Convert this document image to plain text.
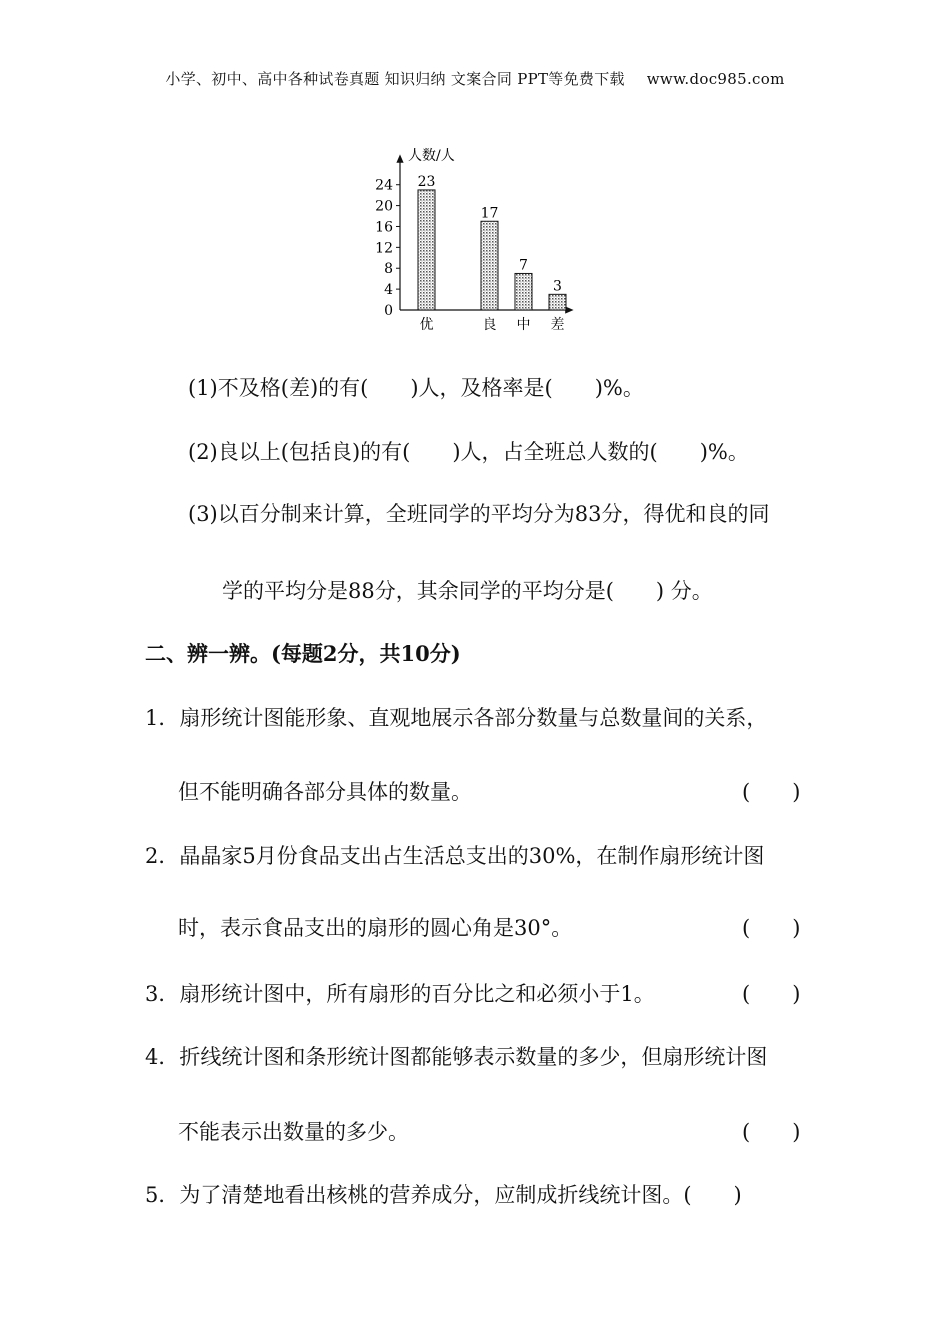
小学、初中、高中各种试卷真题 知识归纳 文案合同 PPT等免费下载 www.doc985.com
0
4
8
12
16
20
24 23
优
17
良
7
中
3
差
人数/人
(1)不及格(差)的有(　　)人，及格率是(　　)%。
(2)良以上(包括良)的有(　　)人，占全班总人数的(　　)%。
(3)以百分制来计算，全班同学的平均分为83分，得优和良的同
学的平均分是88分，其余同学的平均分是(　　) 分。
二、辨一辨。(每题2分，共10分)
1．扇形统计图能形象、直观地展示各部分数量与总数量间的关系，
但不能明确各部分具体的数量。	(　　)
2．晶晶家5月份食品支出占生活总支出的30%，在制作扇形统计图
时，表示食品支出的扇形的圆心角是30°。	(　　)
3．扇形统计图中，所有扇形的百分比之和必须小于1。	(　　)
4．折线统计图和条形统计图都能够表示数量的多少，但扇形统计图
不能表示出数量的多少。	(　　)
5．为了清楚地看出核桃的营养成分，应制成折线统计图。(　　)
